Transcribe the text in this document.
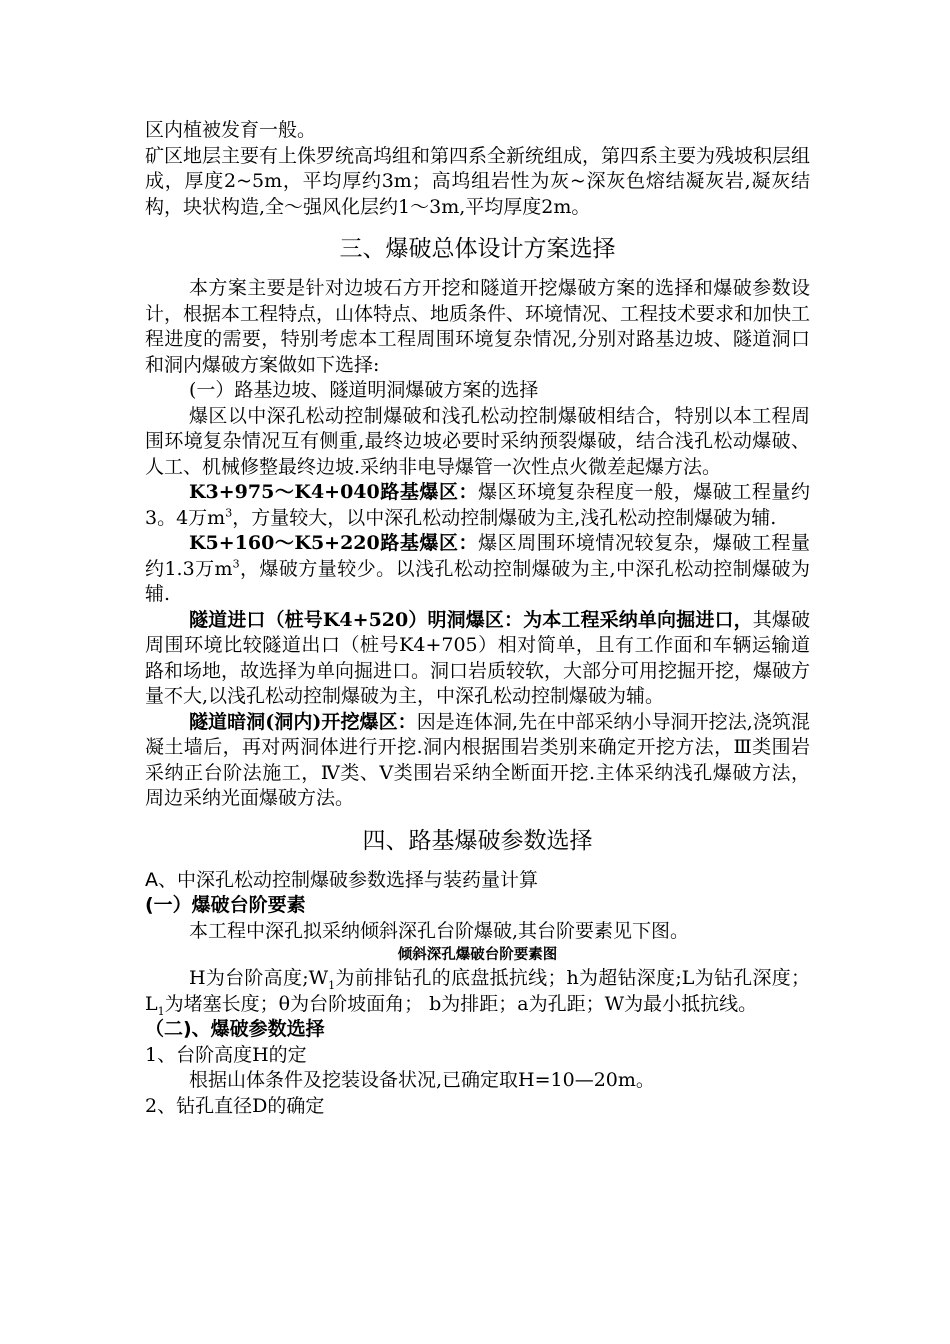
区内植被发育一般。

矿区地层主要有上侏罗统高坞组和第四系全新统组成，第四系主要为残坡积层组成，厚度2~5m，平均厚约3m；高坞组岩性为灰~深灰色熔结凝灰岩,凝灰结构，块状构造,全～强风化层约1～3m,平均厚度2m。

三、爆破总体设计方案选择

本方案主要是针对边坡石方开挖和隧道开挖爆破方案的选择和爆破参数设计，根据本工程特点，山体特点、地质条件、环境情况、工程技术要求和加快工程进度的需要，特别考虑本工程周围环境复杂情况,分别对路基边坡、隧道洞口和洞内爆破方案做如下选择:

(一）路基边坡、隧道明洞爆破方案的选择

爆区以中深孔松动控制爆破和浅孔松动控制爆破相结合，特别以本工程周围环境复杂情况互有侧重,最终边坡必要时采纳预裂爆破，结合浅孔松动爆破、人工、机械修整最终边坡.采纳非电导爆管一次性点火微差起爆方法。

K3+975～K4+040路基爆区：爆区环境复杂程度一般，爆破工程量约3。4万$m^3$，方量较大，以中深孔松动控制爆破为主,浅孔松动控制爆破为辅.

K5+160～K5+220路基爆区：爆区周围环境情况较复杂，爆破工程量约1.3万$m^3$，爆破方量较少。以浅孔松动控制爆破为主,中深孔松动控制爆破为辅.

隧道进口（桩号K4+520）明洞爆区：为本工程采纳单向掘进口，其爆破周围环境比较隧道出口（桩号K4+705）相对简单，且有工作面和车辆运输道路和场地，故选择为单向掘进口。洞口岩质较软，大部分可用挖掘开挖，爆破方量不大,以浅孔松动控制爆破为主，中深孔松动控制爆破为辅。

隧道暗洞(洞内)开挖爆区：因是连体洞,先在中部采纳小导洞开挖法,浇筑混凝土墙后，再对两洞体进行开挖.洞内根据围岩类别来确定开挖方法，Ⅲ类围岩采纳正台阶法施工，Ⅳ类、Ⅴ类围岩采纳全断面开挖.主体采纳浅孔爆破方法，周边采纳光面爆破方法。

四、路基爆破参数选择

A、中深孔松动控制爆破参数选择与装药量计算

(一）爆破台阶要素

本工程中深孔拟采纳倾斜深孔台阶爆破,其台阶要素见下图。

倾斜深孔爆破台阶要素图

H为台阶高度$;W_1$为前排钻孔的底盘抵抗线；h为超钻深度;L为钻孔深度； $L_1$为堵塞长度；θ为台阶坡面角； b为排距；a为孔距；W为最小抵抗线。

（二)、爆破参数选择

1、台阶高度H的定

根据山体条件及挖装设备状况,已确定取H=10—20m。

2、钻孔直径D的确定
